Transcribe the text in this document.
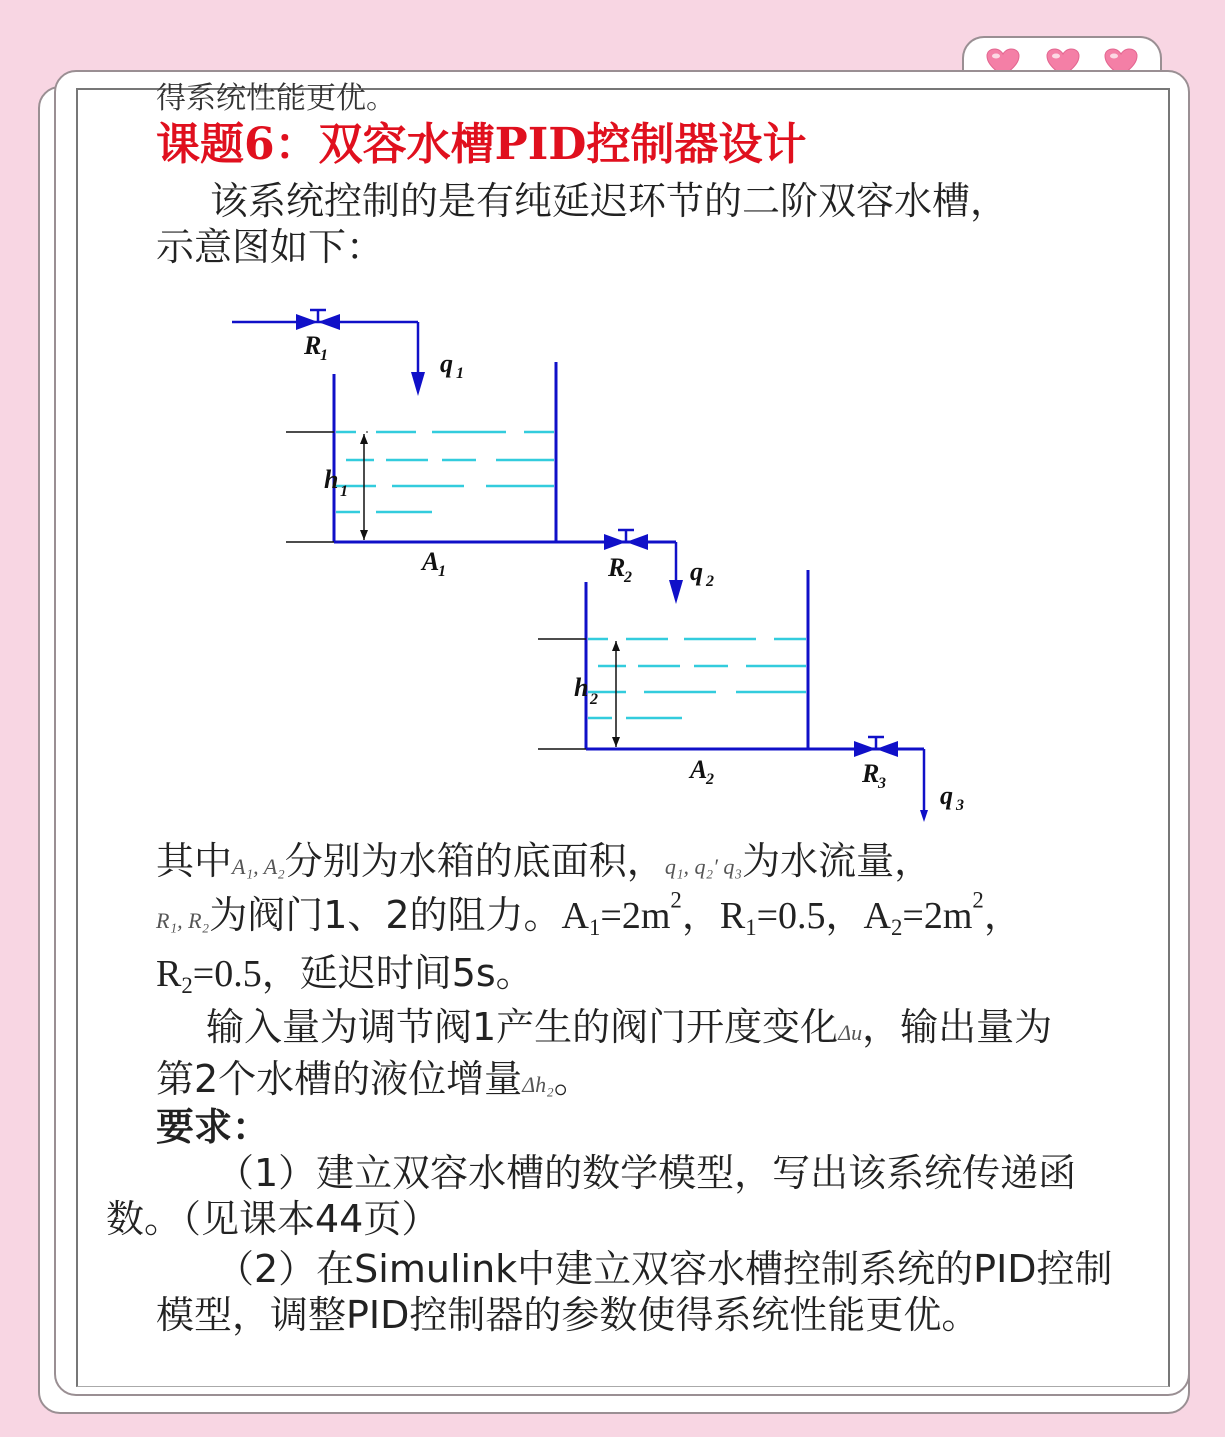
得系统性能更优。
课题6：双容水槽PID控制器设计
该系统控制的是有纯延迟环节的二阶双容水槽，
示意图如下：
R
1	q 1
h 1
A
1	R
2 q 2
h 2
A
2	R
3 q 3
其中A₁, A₂分别为水箱的底面积，q₁, q₂′ q₃为水流量，
R₁, R₂为阀门1、2的阻力。$A_1=2m^2$，$R_1=0.5$，$A_2=2m^2$，
$R_2=0.5$，延迟时间5s。
输入量为调节阀1产生的阀门开度变化Δu，输出量为
第2个水槽的液位增量Δh₂。
要求：
（1）建立双容水槽的数学模型，写出该系统传递函
数。（见课本44页）
（2）在Simulink中建立双容水槽控制系统的PID控制
模型，调整PID控制器的参数使得系统性能更优。
